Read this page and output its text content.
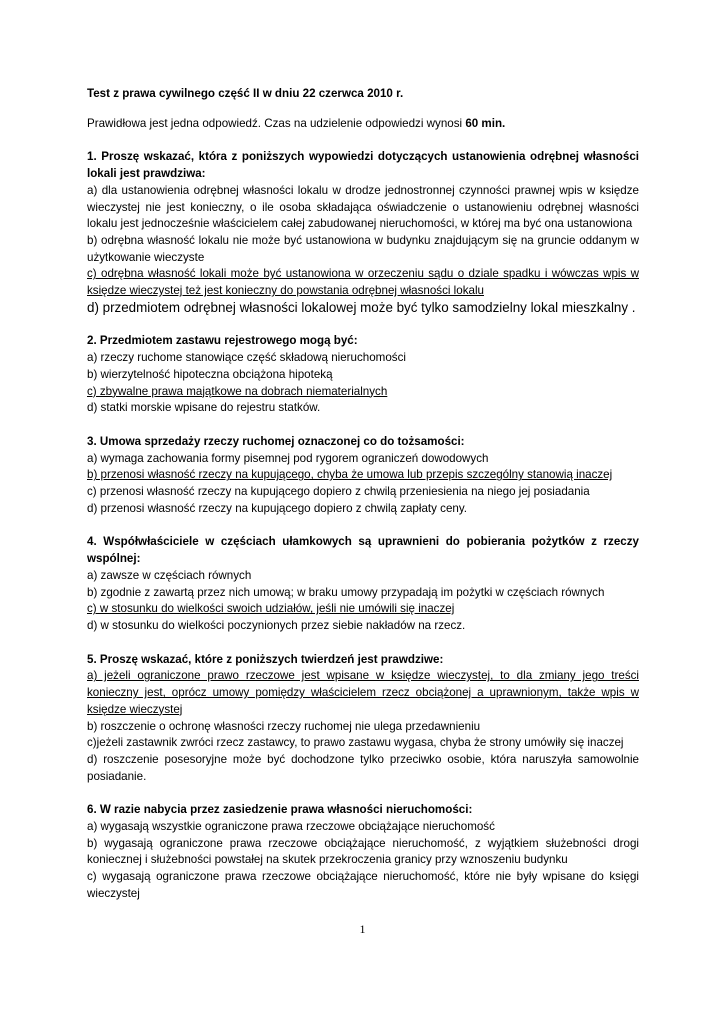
Test z prawa cywilnego część II w dniu 22 czerwca 2010 r.

Prawidłowa jest jedna odpowiedź. Czas na udzielenie odpowiedzi wynosi 60 min.

1. Proszę wskazać, która z poniższych wypowiedzi dotyczących ustanowienia odrębnej własności lokali jest prawdziwa:
a) dla ustanowienia odrębnej własności lokalu w drodze jednostronnej czynności prawnej wpis w księdze wieczystej nie jest konieczny, o ile osoba składająca oświadczenie o ustanowieniu odrębnej własności lokalu jest jednocześnie właścicielem całej zabudowanej nieruchomości, w której ma być ona ustanowiona
b) odrębna własność lokalu nie może być ustanowiona w budynku znajdującym się na gruncie oddanym w użytkowanie wieczyste
c) odrębna własność lokali może być ustanowiona w orzeczeniu sądu o dziale spadku i wówczas wpis w księdze wieczystej też jest konieczny do powstania odrębnej własności lokalu
d) przedmiotem odrębnej własności lokalowej może być tylko samodzielny lokal mieszkalny .
2. Przedmiotem zastawu rejestrowego mogą być:
a) rzeczy ruchome stanowiące część składową nieruchomości
b) wierzytelność hipoteczna obciążona hipoteką
c) zbywalne prawa majątkowe na dobrach niematerialnych
d) statki morskie wpisane do rejestru statków.
3. Umowa sprzedaży rzeczy ruchomej oznaczonej co do tożsamości:
a) wymaga zachowania formy pisemnej pod rygorem ograniczeń dowodowych
b) przenosi własność rzeczy na kupującego, chyba że umowa lub przepis szczególny stanowią inaczej
c) przenosi własność rzeczy na kupującego dopiero z chwilą przeniesienia na niego jej posiadania
d) przenosi własność rzeczy na kupującego dopiero z chwilą zapłaty ceny.
4. Współwłaściciele w częściach ułamkowych są uprawnieni do pobierania pożytków z rzeczy wspólnej:
a) zawsze w częściach równych
b) zgodnie z zawartą przez nich umową; w braku umowy przypadają im pożytki w częściach równych
c) w stosunku do wielkości swoich udziałów, jeśli nie umówili się inaczej
d) w stosunku do wielkości poczynionych przez siebie nakładów na rzecz.
5. Proszę wskazać, które z poniższych twierdzeń jest prawdziwe:
a) jeżeli ograniczone prawo rzeczowe jest wpisane w księdze wieczystej, to dla zmiany jego treści konieczny jest, oprócz umowy pomiędzy właścicielem rzecz obciążonej a uprawnionym, także wpis w księdze wieczystej
b) roszczenie o ochronę własności rzeczy ruchomej nie ulega przedawnieniu
c)jeżeli zastawnik zwróci rzecz zastawcy, to prawo zastawu wygasa, chyba że strony umówiły się inaczej
d) roszczenie posesoryjne może być dochodzone tylko przeciwko osobie, która naruszyła samowolnie posiadanie.
6. W razie nabycia przez zasiedzenie prawa własności nieruchomości:
a) wygasają wszystkie ograniczone prawa rzeczowe obciążające nieruchomość
b) wygasają ograniczone prawa rzeczowe obciążające nieruchomość, z wyjątkiem służebności drogi koniecznej i służebności powstałej na skutek przekroczenia granicy przy wznoszeniu budynku
c) wygasają ograniczone prawa rzeczowe obciążające nieruchomość, które nie były wpisane do księgi wieczystej
1
